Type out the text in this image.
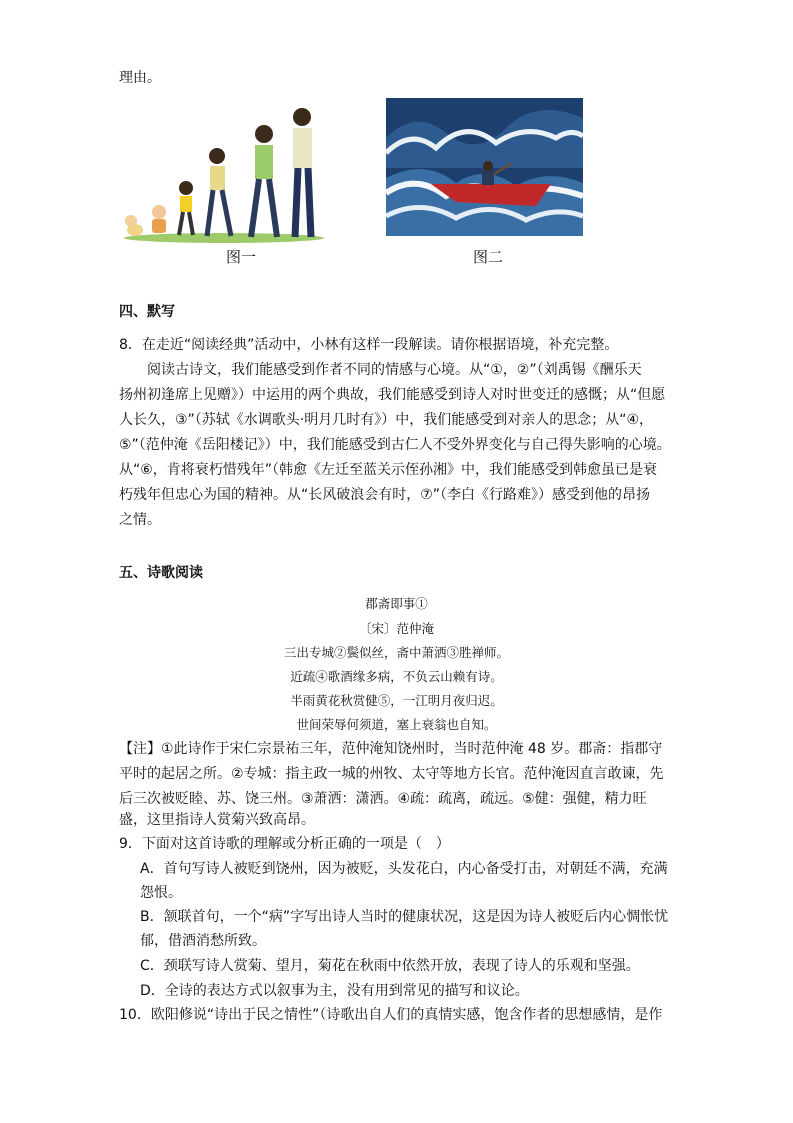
理由。
图一	图二
四、默写
8．在走近“阅读经典”活动中，小林有这样一段解读。请你根据语境，补充完整。
阅读古诗文，我们能感受到作者不同的情感与心境。从“①，②”（刘禹锡《酬乐天
扬州初逢席上见赠》）中运用的两个典故，我们能感受到诗人对时世变迁的感慨；从“但愿
人长久，③”（苏轼《水调歌头·明月几时有》）中，我们能感受到对亲人的思念；从“④，
⑤”（范仲淹《岳阳楼记》）中，我们能感受到古仁人不受外界变化与自己得失影响的心境。
从“⑥，肯将衰朽惜残年”（韩愈《左迁至蓝关示侄孙湘》中，我们能感受到韩愈虽已是衰
朽残年但忠心为国的精神。从“长风破浪会有时，⑦”（李白《行路难》）感受到他的昂扬
之情。
五、诗歌阅读
郡斋即事①
〔宋〕范仲淹
三出专城②鬓似丝，斋中萧洒③胜禅师。
近疏④歌酒缘多病，不负云山赖有诗。
半雨黄花秋赏健⑤，一江明月夜归迟。
世间荣辱何须道，塞上衰翁也自知。
【注】①此诗作于宋仁宗景祐三年，范仲淹知饶州时，当时范仲淹 48 岁。郡斋：指郡守
平时的起居之所。②专城：指主政一城的州牧、太守等地方长官。范仲淹因直言敢谏，先
后三次被贬睦、苏、饶三州。③萧洒：潇洒。④疏：疏离，疏远。⑤健：强健，精力旺
盛，这里指诗人赏菊兴致高昂。
9．下面对这首诗歌的理解或分析正确的一项是（　）
A．首句写诗人被贬到饶州，因为被贬，头发花白，内心备受打击，对朝廷不满，充满
怨恨。
B．颔联首句，一个“病”字写出诗人当时的健康状况，这是因为诗人被贬后内心惆怅忧
郁，借酒消愁所致。
C．颈联写诗人赏菊、望月，菊花在秋雨中依然开放，表现了诗人的乐观和坚强。
D．全诗的表达方式以叙事为主，没有用到常见的描写和议论。
10．欧阳修说“诗出于民之情性”（诗歌出自人们的真情实感，饱含作者的思想感情，是作
